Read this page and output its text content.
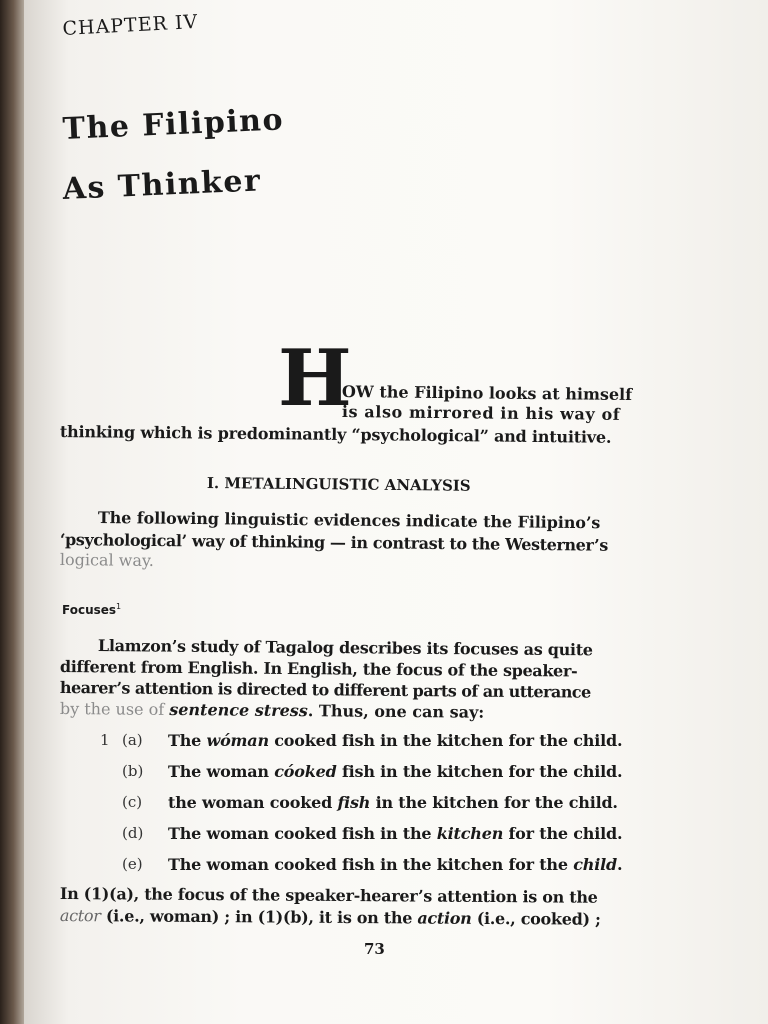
CHAPTER IV
The Filipino
As Thinker
H
OW the Filipino looks at himself
is also mirrored in his way of
thinking which is predominantly “psychological” and intuitive.
I. METALINGUISTIC ANALYSIS
The following linguistic evidences indicate the Filipino’s
‘psychological’ way of thinking — in contrast to the Westerner’s
logical way.
Focuses$^1$
Llamzon’s study of Tagalog describes its focuses as quite
different from English. In English, the focus of the speaker-
hearer’s attention is directed to different parts of an utterance
by the use of sentence stress. Thus, one can say:
1 (a) The wóman cooked fish in the kitchen for the child.
(b) The woman cóoked fish in the kitchen for the child.
(c) the woman cooked fish in the kitchen for the child.
(d) The woman cooked fish in the kitchen for the child.
(e) The woman cooked fish in the kitchen for the child.
In (1)(a), the focus of the speaker-hearer’s attention is on the
actor (i.e., woman) ; in (1)(b), it is on the action (i.e., cooked) ;
73
